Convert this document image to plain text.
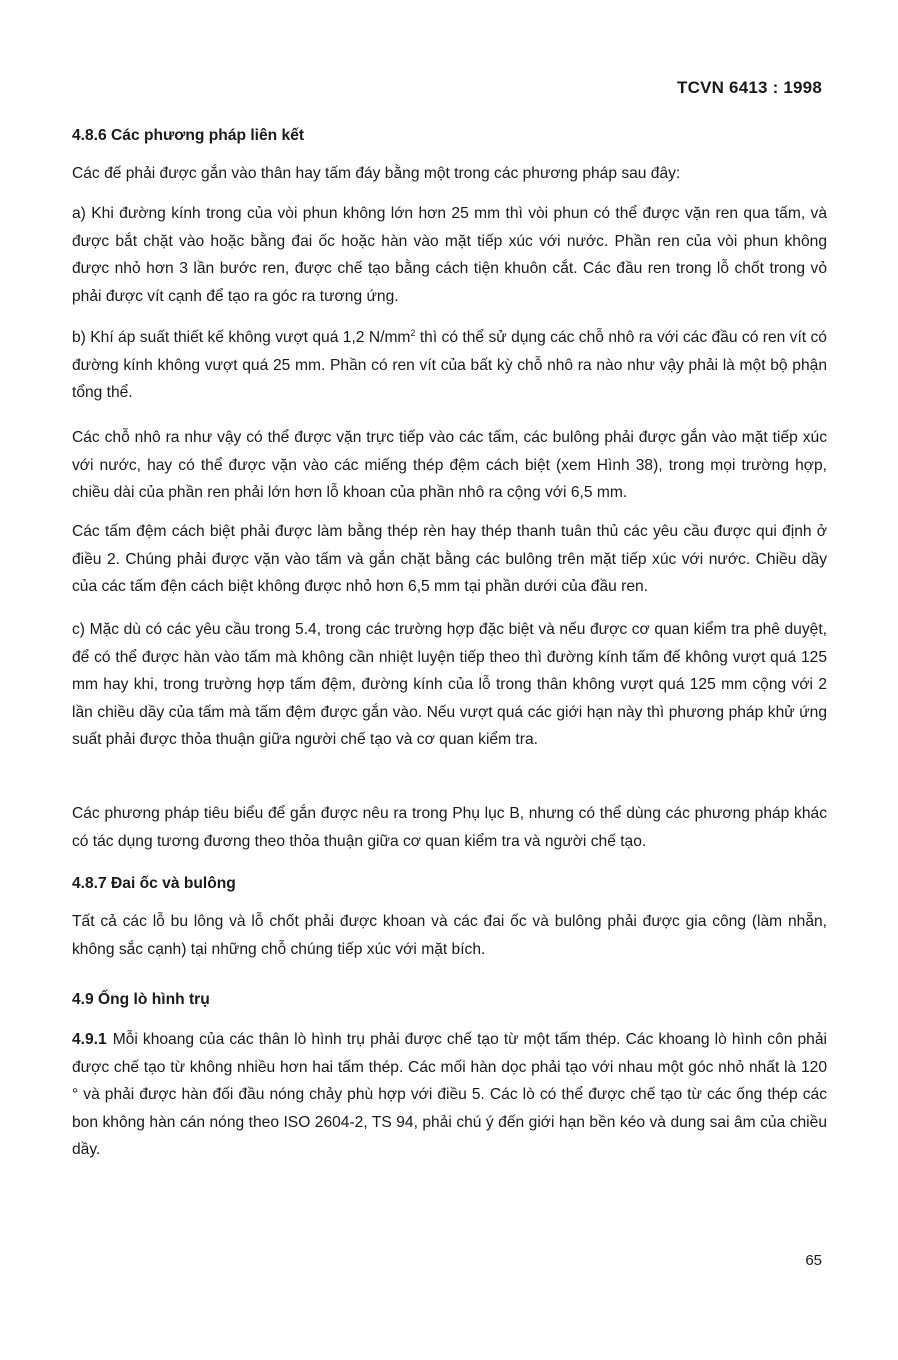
TCVN 6413 : 1998
4.8.6 Các phương pháp liên kết
Các đế phải được gắn vào thân hay tấm đáy bằng một trong các phương pháp sau đây:
a) Khi đường kính trong của vòi phun không lớn hơn 25 mm thì vòi phun có thể được vặn ren qua tấm, và được bắt chặt vào hoặc bằng đai ốc hoặc hàn vào mặt tiếp xúc với nước. Phần ren của vòi phun không được nhỏ hơn 3 lần bước ren, được chế tạo bằng cách tiện khuôn cắt. Các đầu ren trong lỗ chốt trong vỏ phải được vít cạnh để tạo ra góc ra tương ứng.
b) Khí áp suất thiết kế không vượt quá 1,2 $N/mm^2$ thì có thể sử dụng các chỗ nhô ra với các đầu có ren vít có đường kính không vượt quá 25 mm. Phần có ren vít của bất kỳ chỗ nhô ra nào như vậy phải là một bộ phận tổng thể.
Các chỗ nhô ra như vậy có thể được vặn trực tiếp vào các tấm, các bulông phải được gắn vào mặt tiếp xúc với nước, hay có thể được vặn vào các miếng thép đệm cách biệt (xem Hình 38), trong mọi trường hợp, chiều dài của phần ren phải lớn hơn lỗ khoan của phần nhô ra cộng với 6,5 mm.
Các tấm đệm cách biệt phải được làm bằng thép rèn hay thép thanh tuân thủ các yêu cầu được qui định ở điều 2. Chúng phải được vặn vào tấm và gắn chặt bằng các bulông trên mặt tiếp xúc với nước. Chiều dầy của các tấm đện cách biệt không được nhỏ hơn 6,5 mm tại phần dưới của đầu ren.
c) Mặc dù có các yêu cầu trong 5.4, trong các trường hợp đặc biệt và nếu được cơ quan kiểm tra phê duyệt, để có thể được hàn vào tấm mà không cần nhiệt luyện tiếp theo thì đường kính tấm đế không vượt quá 125 mm hay khi, trong trường hợp tấm đệm, đường kính của lỗ trong thân không vượt quá 125 mm cộng với 2 lần chiều dầy của tấm mà tấm đệm được gắn vào. Nếu vượt quá các giới hạn này thì phương pháp khử ứng suất phải được thỏa thuận giữa người chế tạo và cơ quan kiểm tra.
Các phương pháp tiêu biểu để gắn được nêu ra trong Phụ lục B, nhưng có thể dùng các phương pháp khác có tác dụng tương đương theo thỏa thuận giữa cơ quan kiểm tra và người chế tạo.
4.8.7 Đai ốc và bulông
Tất cả các lỗ bu lông và lỗ chốt phải được khoan và các đai ốc và bulông phải được gia công (làm nhẵn, không sắc cạnh) tại những chỗ chúng tiếp xúc với mặt bích.
4.9 Ống lò hình trụ
4.9.1 Mỗi khoang của các thân lò hình trụ phải được chế tạo từ một tấm thép. Các khoang lò hình côn phải được chế tạo từ không nhiều hơn hai tấm thép. Các mối hàn dọc phải tạo với nhau một góc nhỏ nhất là 120 ° và phải được hàn đối đầu nóng chảy phù hợp với điều 5. Các lò có thể được chế tạo từ các ống thép các bon không hàn cán nóng theo ISO 2604-2, TS 94, phải chú ý đến giới hạn bền kéo và dung sai âm của chiều dầy.
65
